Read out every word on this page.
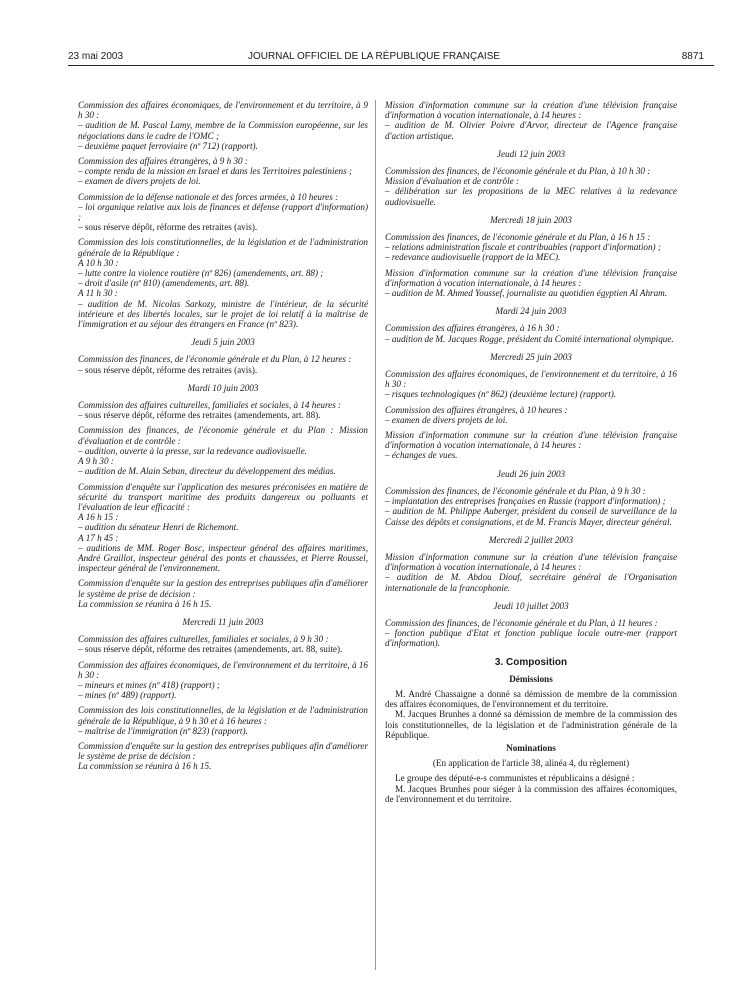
23 mai 2003	JOURNAL OFFICIEL DE LA RÉPUBLIQUE FRANÇAISE	8871

Commission des affaires économiques, de l'environnement et du territoire, à 9 h 30 :

– audition de M. Pascal Lamy, membre de la Commission européenne, sur les négociations dans le cadre de l'OMC ;

– deuxième paquet ferroviaire (nº 712) (rapport).

Commission des affaires étrangères, à 9 h 30 :

– compte rendu de la mission en Israel et dans les Territoires palestiniens ;

– examen de divers projets de loi.

Commission de la défense nationale et des forces armées, à 10 heures :

– loi organique relative aux lois de finances et défense (rapport d'information) ;

– sous réserve dépôt, réforme des retraites (avis).

Commission des lois constitutionnelles, de la législation et de l'administration générale de la République :

A 10 h 30 :

– lutte contre la violence routière (nº 826) (amendements, art. 88) ;

– droit d'asile (nº 810) (amendements, art. 88).

A 11 h 30 :

– audition de M. Nicolas Sarkozy, ministre de l'intérieur, de la sécurité intérieure et des libertés locales, sur le projet de loi relatif à la maîtrise de l'immigration et au séjour des étrangers en France (nº 823).

Jeudi 5 juin 2003

Commission des finances, de l'économie générale et du Plan, à 12 heures :

– sous réserve dépôt, réforme des retraites (avis).

Mardi 10 juin 2003

Commission des affaires culturelles, familiales et sociales, à 14 heures :

– sous réserve dépôt, réforme des retraites (amendements, art. 88).

Commission des finances, de l'économie générale et du Plan : Mission d'évaluation et de contrôle :

– audition, ouverte à la presse, sur la redevance audiovisuelle.

A 9 h 30 :

– audition de M. Alain Seban, directeur du développement des médias.

Commission d'enquête sur l'application des mesures préconisées en matière de sécurité du transport maritime des produits dangereux ou polluants et l'évaluation de leur efficacité :

A 16 h 15 :

– audition du sénateur Henri de Richemont.

A 17 h 45 :

– auditions de MM. Roger Bosc, inspecteur général des affaires maritimes, André Graillot, inspecteur général des ponts et chaussées, et Pierre Roussel, inspecteur général de l'environnement.

Commission d'enquête sur la gestion des entreprises publiques afin d'améliorer le système de prise de décision :

La commission se réunira à 16 h 15.

Mercredi 11 juin 2003

Commission des affaires culturelles, familiales et sociales, à 9 h 30 :

– sous réserve dépôt, réforme des retraites (amendements, art. 88, suite).

Commission des affaires économiques, de l'environnement et du territoire, à 16 h 30 :

– mineurs et mines (nº 418) (rapport) ;

– mines (nº 489) (rapport).

Commission des lois constitutionnelles, de la législation et de l'administration générale de la République, à 9 h 30 et à 16 heures :

– maîtrise de l'immigration (nº 823) (rapport).

Commission d'enquête sur la gestion des entreprises publiques afin d'améliorer le système de prise de décision :

La commission se réunira à 16 h 15.

Mission d'information commune sur la création d'une télévision française d'information à vocation internationale, à 14 heures :

– audition de M. Olivier Poivre d'Arvor, directeur de l'Agence française d'action artistique.

Jeudi 12 juin 2003

Commission des finances, de l'économie générale et du Plan, à 10 h 30 :

Mission d'évaluation et de contrôle :

– délibération sur les propositions de la MEC relatives à la redevance audiovisuelle.

Mercredi 18 juin 2003

Commission des finances, de l'économie générale et du Plan, à 16 h 15 :

– relations administration fiscale et contribuables (rapport d'information) ;

– redevance audiovisuelle (rapport de la MEC).

Mission d'information commune sur la création d'une télévision française d'information à vocation internationale, à 14 heures :

– audition de M. Ahmed Youssef, journaliste au quotidien égyptien Al Ahram.

Mardi 24 juin 2003

Commission des affaires étrangères, à 16 h 30 :

– audition de M. Jacques Rogge, président du Comité international olympique.

Mercredi 25 juin 2003

Commission des affaires économiques, de l'environnement et du territoire, à 16 h 30 :

– risques technologiques (nº 862) (deuxième lecture) (rapport).

Commission des affaires étrangères, à 10 heures :

– examen de divers projets de loi.

Mission d'information commune sur la création d'une télévision française d'information à vocation internationale, à 14 heures :

– échanges de vues.

Jeudi 26 juin 2003

Commission des finances, de l'économie générale et du Plan, à 9 h 30 :

– implantation des entreprises françaises en Russie (rapport d'information) ;

– audition de M. Philippe Auberger, président du conseil de surveillance de la Caisse des dépôts et consignations, et de M. Francis Mayer, directeur général.

Mercredi 2 juillet 2003

Mission d'information commune sur la création d'une télévision française d'information à vocation internationale, à 14 heures :

– audition de M. Abdou Diouf, secrétaire général de l'Organisation internationale de la francophonie.

Jeudi 10 juillet 2003

Commission des finances, de l'économie générale et du Plan, à 11 heures :

– fonction publique d'Etat et fonction publique locale outre-mer (rapport d'information).

3. Composition

Démissions

M. André Chassaigne a donné sa démission de membre de la commission des affaires économiques, de l'environnement et du territoire.

M. Jacques Brunhes a donné sa démission de membre de la commission des lois constitutionnelles, de la législation et de l'administration générale de la République.

Nominations

(En application de l'article 38, alinéa 4, du règlement)

Le groupe des député-e-s communistes et républicains a désigné :

M. Jacques Brunhes pour siéger à la commission des affaires économiques, de l'environnement et du territoire.
